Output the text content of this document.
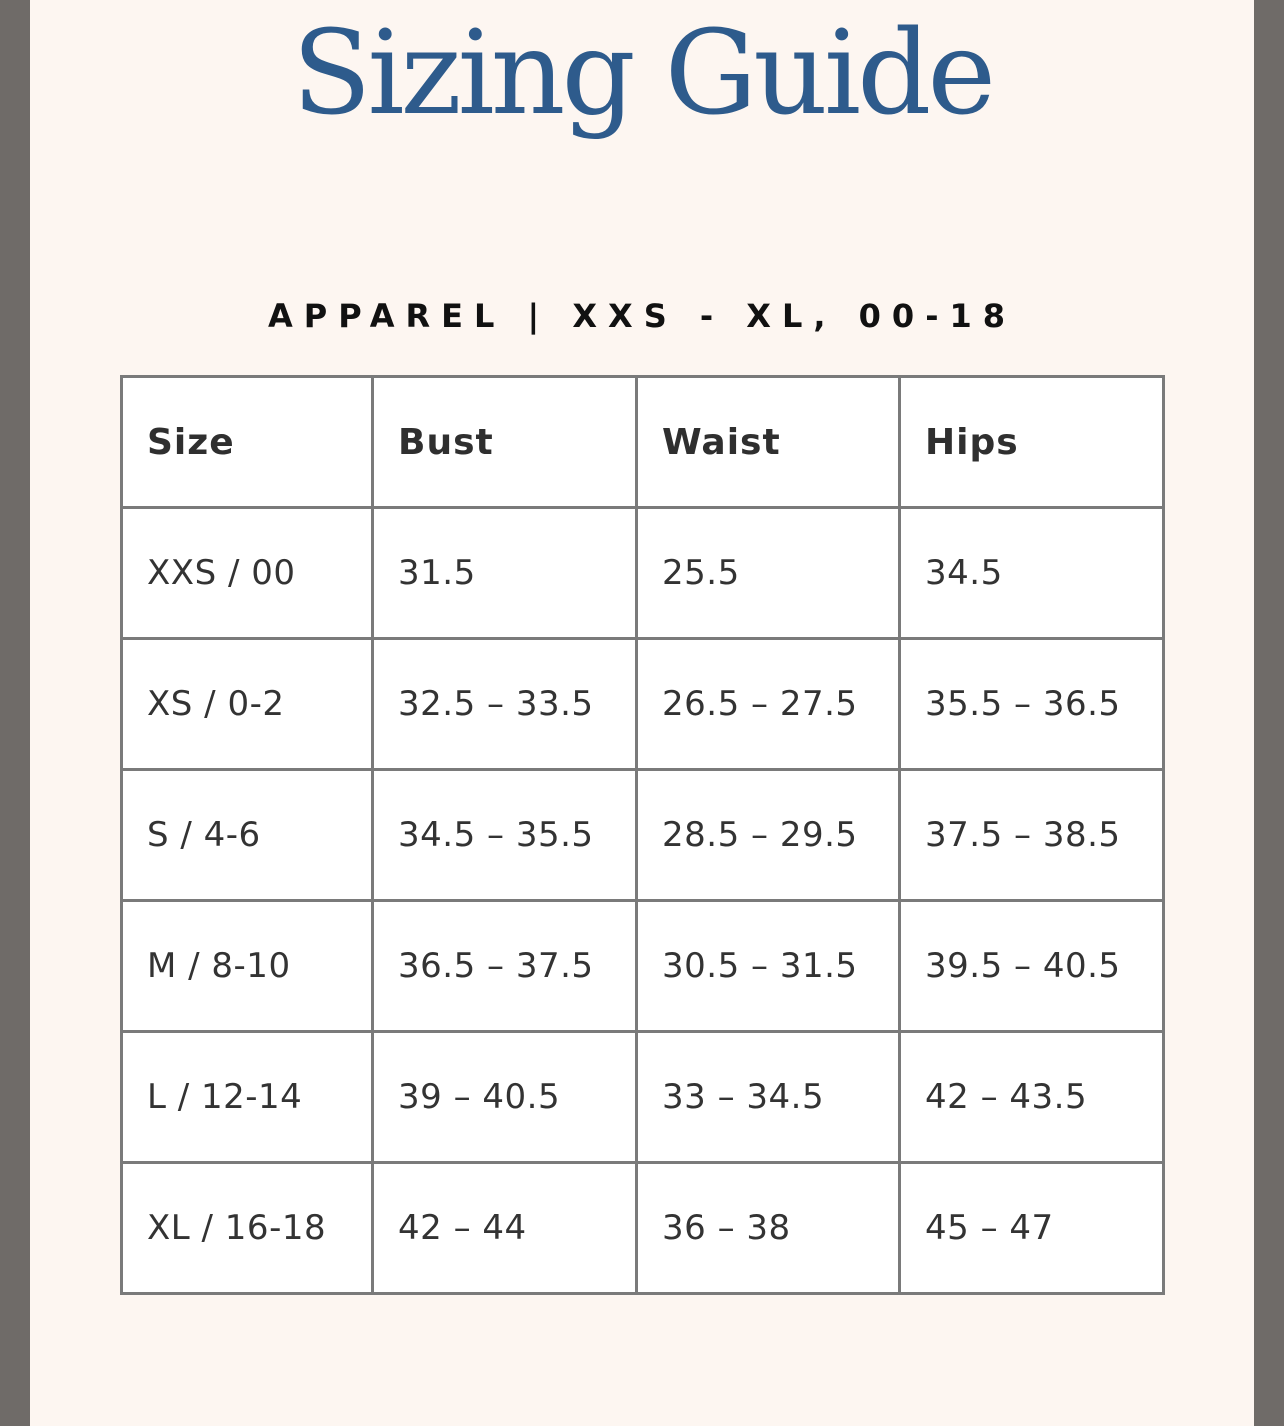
Sizing Guide
APPAREL | XXS - XL, 00-18
Size	Bust	Waist	Hips
XXS / 00	31.5	25.5	34.5
XS / 0-2	32.5 – 33.5	26.5 – 27.5	35.5 – 36.5
S / 4-6	34.5 – 35.5	28.5 – 29.5	37.5 – 38.5
M / 8-10	36.5 – 37.5	30.5 – 31.5	39.5 – 40.5
L / 12-14	39 – 40.5	33 – 34.5	42 – 43.5
XL / 16-18	42 – 44	36 – 38	45 – 47
